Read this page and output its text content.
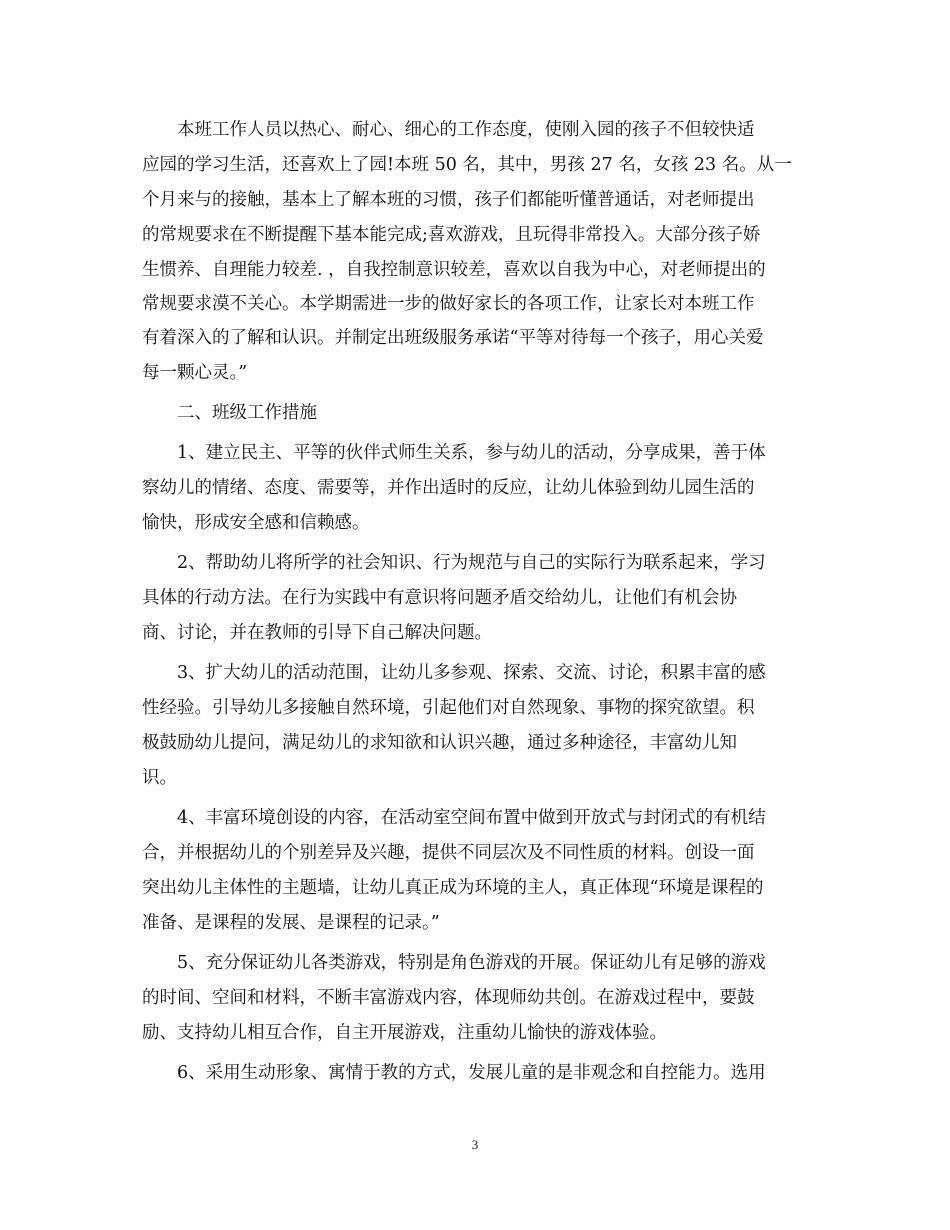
本班工作人员以热心、耐心、细心的工作态度，使刚入园的孩子不但较快适
应园的学习生活，还喜欢上了园!本班 50 名，其中，男孩 27 名，女孩 23 名。从一
个月来与的接触，基本上了解本班的习惯，孩子们都能听懂普通话，对老师提出
的常规要求在不断提醒下基本能完成;喜欢游戏，且玩得非常投入。大部分孩子娇
生惯养、自理能力较差. ，自我控制意识较差，喜欢以自我为中心，对老师提出的
常规要求漠不关心。本学期需进一步的做好家长的各项工作，让家长对本班工作
有着深入的了解和认识。并制定出班级服务承诺“平等对待每一个孩子，用心关爱
每一颗心灵。”
二、班级工作措施
1、建立民主、平等的伙伴式师生关系，参与幼儿的活动，分享成果，善于体
察幼儿的情绪、态度、需要等，并作出适时的反应，让幼儿体验到幼儿园生活的
愉快，形成安全感和信赖感。
2、帮助幼儿将所学的社会知识、行为规范与自己的实际行为联系起来，学习
具体的行动方法。在行为实践中有意识将问题矛盾交给幼儿，让他们有机会协
商、讨论，并在教师的引导下自己解决问题。
3、扩大幼儿的活动范围，让幼儿多参观、探索、交流、讨论，积累丰富的感
性经验。引导幼儿多接触自然环境，引起他们对自然现象、事物的探究欲望。积
极鼓励幼儿提问，满足幼儿的求知欲和认识兴趣，通过多种途径，丰富幼儿知
识。
4、丰富环境创设的内容，在活动室空间布置中做到开放式与封闭式的有机结
合，并根据幼儿的个别差异及兴趣，提供不同层次及不同性质的材料。创设一面
突出幼儿主体性的主题墙，让幼儿真正成为环境的主人，真正体现“环境是课程的
准备、是课程的发展、是课程的记录。”
5、充分保证幼儿各类游戏，特别是角色游戏的开展。保证幼儿有足够的游戏
的时间、空间和材料，不断丰富游戏内容，体现师幼共创。在游戏过程中，要鼓
励、支持幼儿相互合作，自主开展游戏，注重幼儿愉快的游戏体验。
6、采用生动形象、寓情于教的方式，发展儿童的是非观念和自控能力。选用
3
